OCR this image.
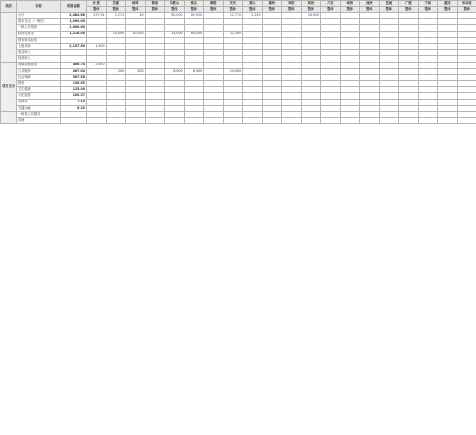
类别	名称	预算金额	合 肥	芜湖	蚌埠	淮南	马鞍山	淮北	铜陵	安庆	黄山	滁州	阜阳	宿州	六安	亳州	池州	宣城	广德	宁国	霍邱	省本级
			整体	整体	整体	整体	整体	整体	整体	整体	整体	整体	整体	整体	整体	整体	整体	整体	整体	整体	整体	整体
	合计	2,484.66	237.54	2,274	40		80,000	80,000		12,770	3,240			18,000								
	基本支出（一般性）	1,000.00																				
	一般公共预算	1,000.00																				
	政府性基金	1,218.00		10,000	10,000		24,000	84,000		22,300												
	国有资本经营																					
	上级补助	2,157.50	1,500																			
	事业收入																					
	经营收入																					
项目支出	基础设施建设	486.74	2,500																			
	公共服务	467.04		200	200		8,000	8,000		14,000												
	社会保障	367.58																				
	教育	136.55																				
	卫生健康	125.00																				
	文化旅游	100.37																				
	农林水	7.15																				
	交通运输	6.20																				
	一般性公共服务																					
	其他																					
